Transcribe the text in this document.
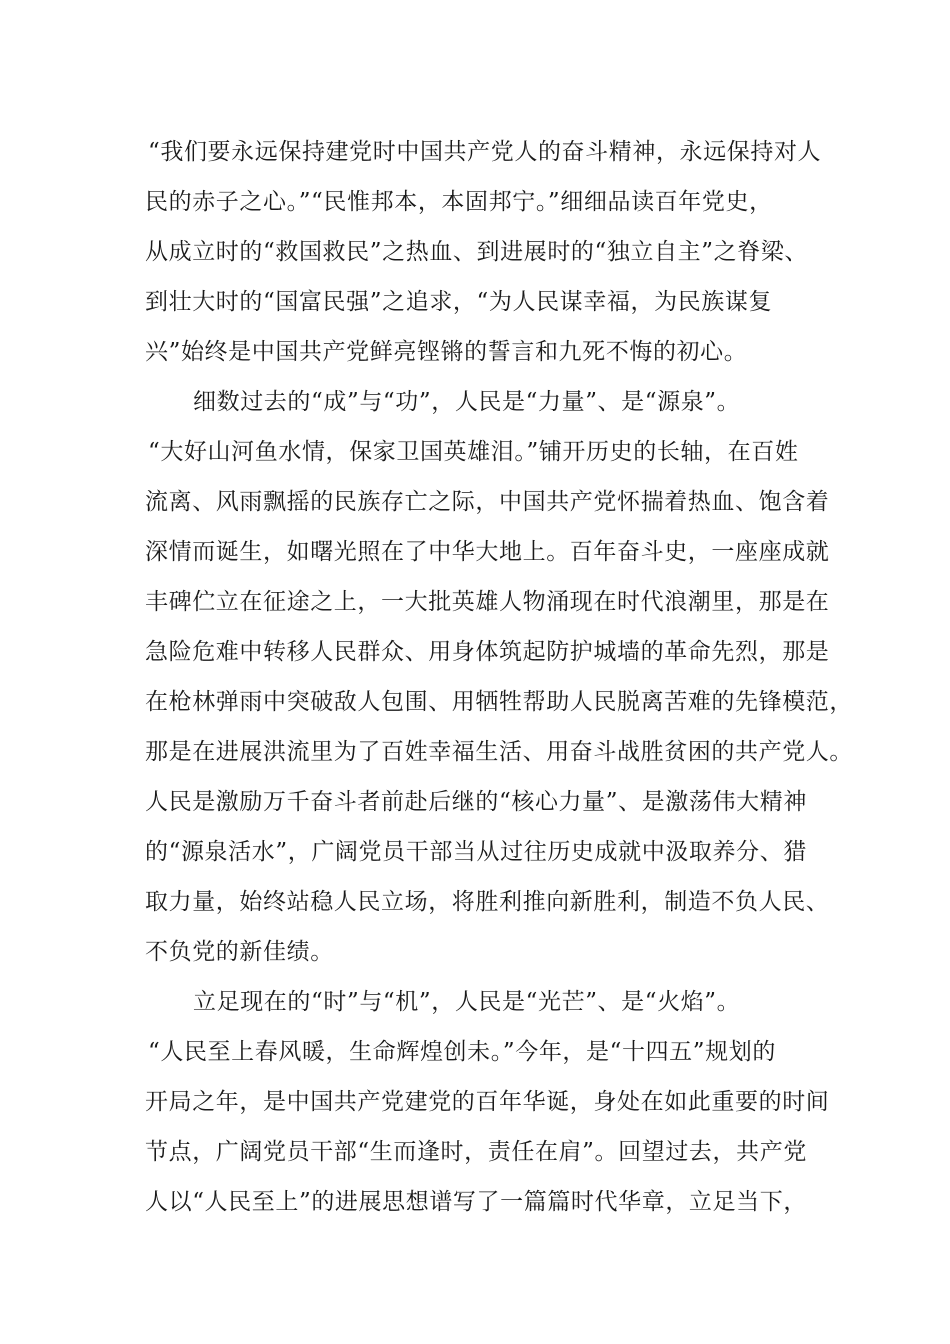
“我们要永远保持建党时中国共产党人的奋斗精神，永远保持对人
民的赤子之心。”“民惟邦本，本固邦宁。”细细品读百年党史，
从成立时的“救国救民”之热血、到进展时的“独立自主”之脊梁、
到壮大时的“国富民强”之追求，“为人民谋幸福，为民族谋复
兴”始终是中国共产党鲜亮铿锵的誓言和九死不悔的初心。
细数过去的“成”与“功”，人民是“力量”、是“源泉”。
“大好山河鱼水情，保家卫国英雄泪。”铺开历史的长轴，在百姓
流离、风雨飘摇的民族存亡之际，中国共产党怀揣着热血、饱含着
深情而诞生，如曙光照在了中华大地上。百年奋斗史，一座座成就
丰碑伫立在征途之上，一大批英雄人物涌现在时代浪潮里，那是在
急险危难中转移人民群众、用身体筑起防护城墙的革命先烈，那是
在枪林弹雨中突破敌人包围、用牺牲帮助人民脱离苦难的先锋模范，
那是在进展洪流里为了百姓幸福生活、用奋斗战胜贫困的共产党人。
人民是激励万千奋斗者前赴后继的“核心力量”、是激荡伟大精神
的“源泉活水”，广阔党员干部当从过往历史成就中汲取养分、猎
取力量，始终站稳人民立场，将胜利推向新胜利，制造不负人民、
不负党的新佳绩。
立足现在的“时”与“机”，人民是“光芒”、是“火焰”。
“人民至上春风暖，生命辉煌创未。”今年，是“十四五”规划的
开局之年，是中国共产党建党的百年华诞，身处在如此重要的时间
节点，广阔党员干部“生而逢时，责任在肩”。回望过去，共产党
人以“人民至上”的进展思想谱写了一篇篇时代华章，立足当下，
